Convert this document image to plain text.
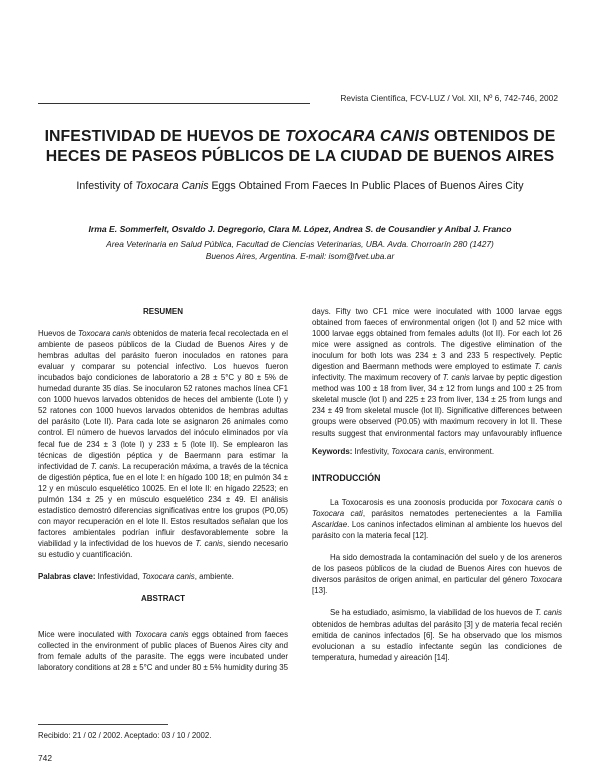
Revista Científica, FCV-LUZ / Vol. XII, Nº 6, 742-746, 2002
INFESTIVIDAD DE HUEVOS DE TOXOCARA CANIS OBTENIDOS DE HECES DE PASEOS PÚBLICOS DE LA CIUDAD DE BUENOS AIRES
Infestivity of Toxocara Canis Eggs Obtained From Faeces In Public Places of Buenos Aires City
Irma E. Sommerfelt, Osvaldo J. Degregorio, Clara M. López, Andrea S. de Cousandier y Aníbal J. Franco
Area Veterinaria en Salud Pública, Facultad de Ciencias Veterinarias, UBA. Avda. Chorroarín 280 (1427)
Buenos Aires, Argentina. E-mail: isom@fvet.uba.ar

RESUMEN

Huevos de Toxocara canis obtenidos de materia fecal recolectada en el ambiente de paseos públicos de la Ciudad de Buenos Aires y de hembras adultas del parásito fueron inoculados en ratones para evaluar y comparar su potencial infectivo. Los huevos fueron incubados bajo condiciones de laboratorio a 28 ± 5°C y 80 ± 5% de humedad durante 35 días. Se inocularon 52 ratones machos línea CF1 con 1000 huevos larvados obtenidos de heces del ambiente (Lote I) y 52 ratones con 1000 huevos larvados obtenidos de hembras adultas del parásito (Lote II). Para cada lote se asignaron 26 animales como control. El número de huevos larvados del inóculo eliminados por vía fecal fue de 234 ± 3 (lote I) y 233 ± 5 (lote II). Se emplearon las técnicas de digestión péptica y de Baermann para estimar la infectividad de T. canis. La recuperación máxima, a través de la técnica de digestión péptica, fue en el lote I: en hígado 100 18; en pulmón 34 ± 12 y en músculo esquelético 10025. En el lote II: en hígado 22523; en pulmón 134 ± 25 y en músculo esquelético 234 ± 49. El análisis estadístico demostró diferencias significativas entre los grupos (P0,05) con mayor recuperación en el lote II. Estos resultados señalan que los factores ambientales podrían influir desfavorablemente sobre la viabilidad y la infectividad de los huevos de T. canis, siendo necesario su estudio y cuantificación.

Palabras clave: Infestividad, Toxocara canis, ambiente.

ABSTRACT

Mice were inoculated with Toxocara canis eggs obtained from faeces collected in the environment of public places of Buenos Aires city and from female adults of the parasite. The eggs were incubated under laboratory conditions at 28 ± 5°C and under 80 ± 5% humidity during 35

days. Fifty two CF1 mice were inoculated with 1000 larvae eggs obtained from faeces of environmental origen (lot I) and 52 mice with 1000 larvae eggs obtained from females adults (lot II). For each lot 26 mice were assigned as controls. The digestive elimination of the inoculum for both lots was 234 ± 3 and 233 5 respectively. Peptic digestion and Baermann methods were employed to estimate T. canis infectivity. The maximum recovery of T. canis larvae by peptic digestion method was 100 ± 18 from liver, 34 ± 12 from lungs and 100 ± 25 from skeletal muscle (lot I) and 225 ± 23 from liver, 134 ± 25 from lungs and 234 ± 49 from skeletal muscle (lot II). Significative differences between groups were observed (P0.05) with maximum recovery in lot II. These results suggest that environmental factors may unfavourably influence

Keywords: Infestivity, Toxocara canis, environment.

INTRODUCCIÓN

La Toxocarosis es una zoonosis producida por Toxocara canis o Toxocara cati, parásitos nematodes pertenecientes a la Familia Ascaridae. Los caninos infectados eliminan al ambiente los huevos del parásito con la materia fecal [12].

Ha sido demostrada la contaminación del suelo y de los areneros de los paseos públicos de la ciudad de Buenos Aires con huevos de diversos parásitos de origen animal, en particular del género Toxocara [13].

Se ha estudiado, asimismo, la viabilidad de los huevos de T. canis obtenidos de hembras adultas del parásito [3] y de materia fecal recién emitida de caninos infectados [6]. Se ha observado que los mismos evolucionan a su estadío infectante según las condiciones de temperatura, humedad y aireación [14].

Recibido: 21 / 02 / 2002. Aceptado: 03 / 10 / 2002.
742
